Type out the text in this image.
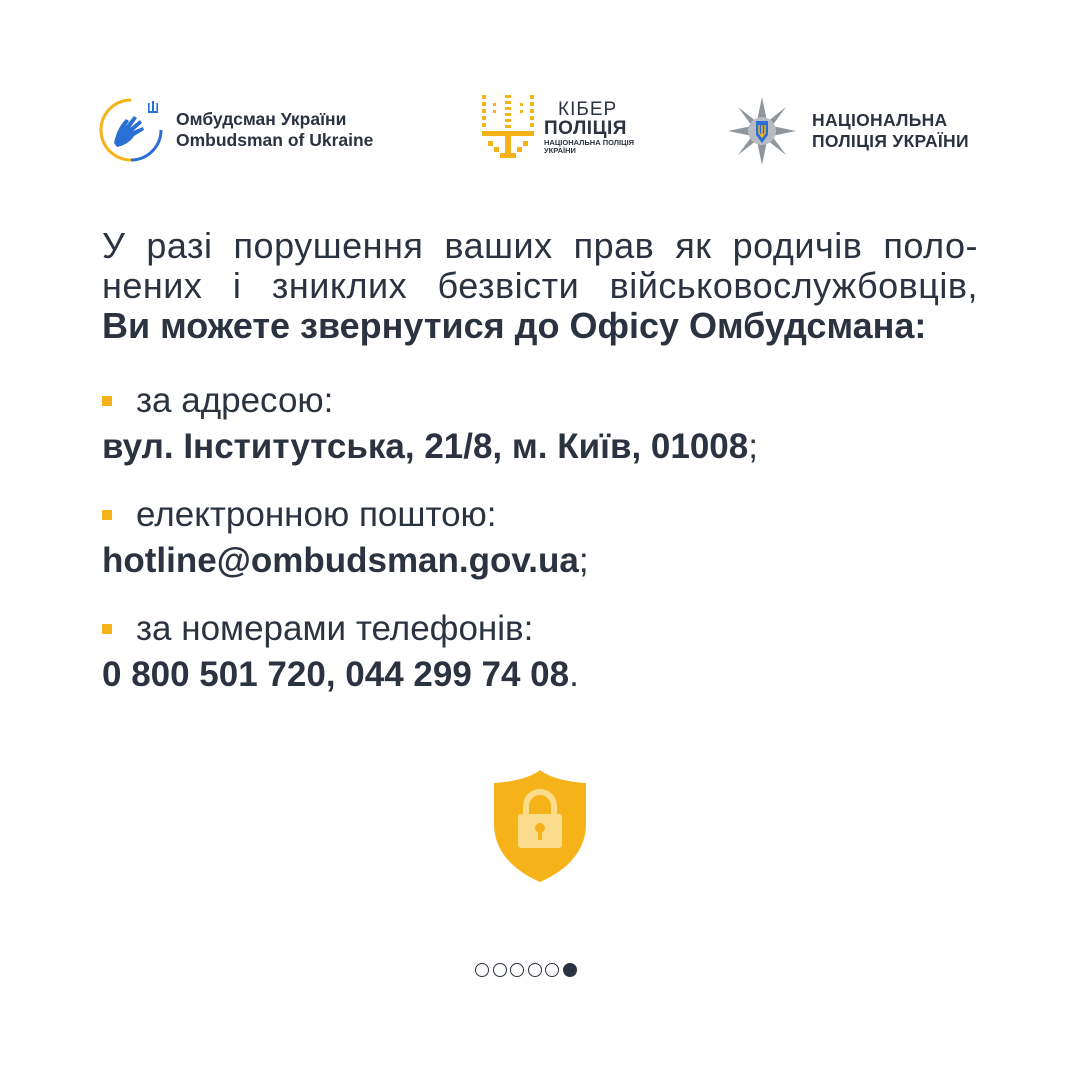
Омбудсман України
Ombudsman of Ukraine
КІБЕР
ПОЛІЦІЯ
НАЦІОНАЛЬНА ПОЛІЦІЯ
УКРАЇНИ
НАЦІОНАЛЬНА
ПОЛІЦІЯ УКРАЇНИ
У разі порушення ваших прав як родичів поло-
нених і зниклих безвісти військовослужбовців,
Ви можете звернутися до Офісу Омбудсмана:
за адресою:
вул. Інститутська, 21/8, м. Київ, 01008;
електронною поштою:
hotline@ombudsman.gov.ua;
за номерами телефонів:
0 800 501 720, 044 299 74 08.
